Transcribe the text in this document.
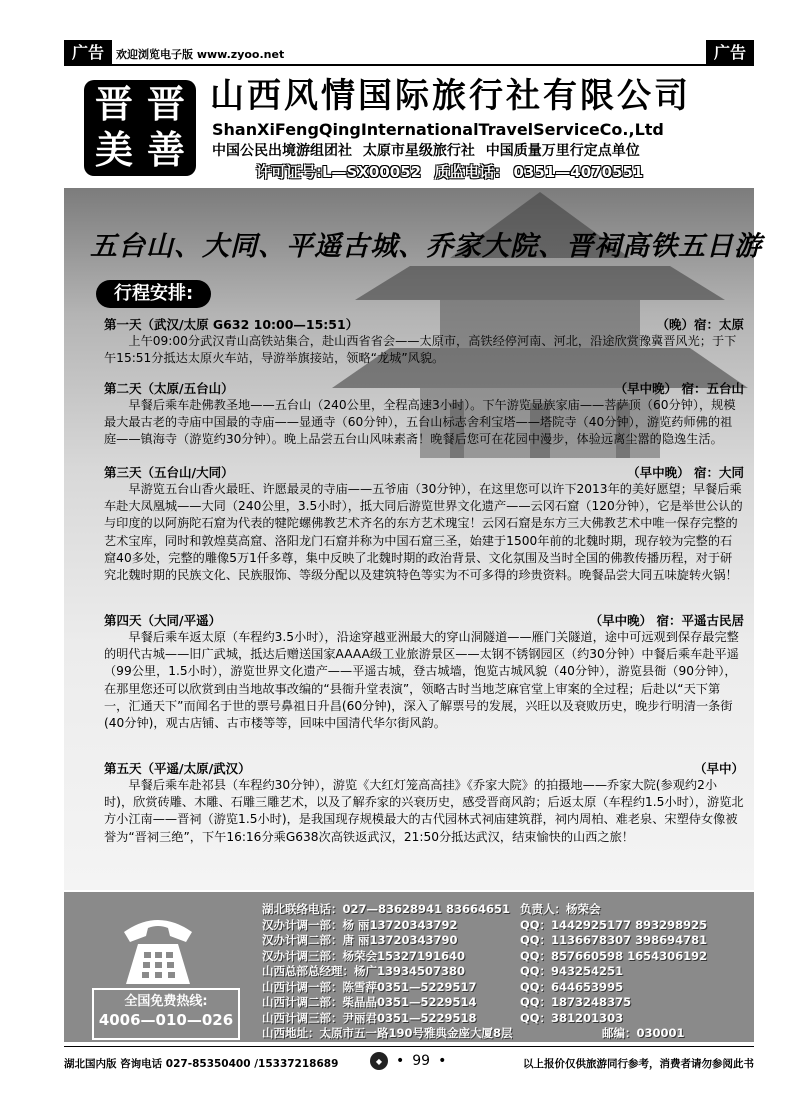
广告	欢迎浏览电子版 www.zyoo.net	广告
晋 晋
美 善
山西风情国际旅行社有限公司
ShanXiFengQingInternationalTravelServiceCo.,Ltd
中国公民出境游组团社 太原市星级旅行社 中国质量万里行定点单位
许可证号:L—SX00052 质监电话: 0351—4070551
五台山、大同、平遥古城、乔家大院、晋祠高铁五日游
行程安排:
第一天（武汉/太原 G632 10:00—15:51）	（晚）宿：太原

上午09:00分武汉青山高铁站集合，赴山西省省会——太原市，高铁经停河南、河北，沿途欣赏豫冀晋风光；于下午15:51分抵达太原火车站，导游举旗接站，领略“龙城”风貌。

第二天（太原/五台山）	（早中晚） 宿：五台山

早餐后乘车赴佛教圣地——五台山（240公里，全程高速3小时）。下午游览显族家庙——菩萨顶（60分钟），规模最大最古老的寺庙中国最的寺庙——显通寺（60分钟），五台山标志舍利宝塔——塔院寺（40分钟），游览药师佛的祖庭——镇海寺（游览约30分钟）。晚上品尝五台山风味素斋！晚餐后您可在花园中漫步，体验远离尘嚣的隐逸生活。

第三天（五台山/大同）	（早中晚） 宿：大同

早游览五台山香火最旺、许愿最灵的寺庙——五爷庙（30分钟），在这里您可以许下2013年的美好愿望；早餐后乘车赴大凤凰城——大同（240公里，3.5小时），抵大同后游览世界文化遗产——云冈石窟（120分钟），它是举世公认的与印度的以阿旃陀石窟为代表的犍陀螺佛教艺术齐名的东方艺术瑰宝！云冈石窟是东方三大佛教艺术中唯一保存完整的艺术宝库，同时和敦煌莫高窟、洛阳龙门石窟并称为中国石窟三圣，始建于1500年前的北魏时期，现存较为完整的石窟40多处，完整的雕像5万1仟多尊，集中反映了北魏时期的政治背景、文化氛围及当时全国的佛教传播历程，对于研究北魏时期的民族文化、民族服饰、等级分配以及建筑特色等实为不可多得的珍贵资料。晚餐品尝大同五味旋转火锅！

第四天（大同/平遥）	（早中晚） 宿：平遥古民居

早餐后乘车返太原（车程约3.5小时），沿途穿越亚洲最大的穿山洞隧道——雁门关隧道，途中可远观到保存最完整的明代古城——旧广武城，抵达后赠送国家AAAA级工业旅游景区——太钢不锈钢园区（约30分钟）中餐后乘车赴平遥（99公里，1.5小时），游览世界文化遗产——平遥古城，登古城墙，饱览古城风貌（40分钟），游览县衙（90分钟），在那里您还可以欣赏到由当地故事改编的“县衙升堂表演”，领略古时当地芝麻官堂上审案的全过程；后赴以“天下第一，汇通天下”而闻名于世的票号鼻祖日升昌(60分钟)，深入了解票号的发展，兴旺以及衰败历史，晚步行明清一条街(40分钟)，观古店铺、古市楼等等，回味中国清代华尔街风韵。

第五天（平遥/太原/武汉）	（早中）

早餐后乘车赴祁县（车程约30分钟），游览《大红灯笼高高挂》《乔家大院》的拍摄地——乔家大院(参观约2小时)，欣赏砖雕、木雕、石雕三雕艺术，以及了解乔家的兴衰历史，感受晋商风韵；后返太原（车程约1.5小时），游览北方小江南——晋祠（游览1.5小时)，是我国现存规模最大的古代园林式祠庙建筑群，祠内周柏、难老泉、宋塑侍女像被誉为“晋祠三绝”，下午16:16分乘G638次高铁返武汉，21:50分抵达武汉，结束愉快的山西之旅！

全国免费热线:
4006—010—026
湖北联络电话：027—83628941 83664651 负责人：杨荣会
汉办计调一部：杨 丽13720343792	QQ：1442925177 893298925
汉办计调二部：唐 丽13720343790	QQ：1136678307 398694781
汉办计调三部：杨荣会15327191640	QQ：857660598 1654306192
山西总部总经理：杨广13934507380	QQ：943254251
山西计调一部：陈雪萍0351—5229517	QQ：644653995
山西计调二部：柴晶晶0351—5229514	QQ：1873248375
山西计调三部：尹丽君0351—5229518	QQ：381201303
山西地址：太原市五一路190号雅典金座大厦8层	邮编：030001
湖北国内版 咨询电话 027-85350400 /15337218689	◆ • 99 •	以上报价仅供旅游同行参考，消费者请勿参阅此书
